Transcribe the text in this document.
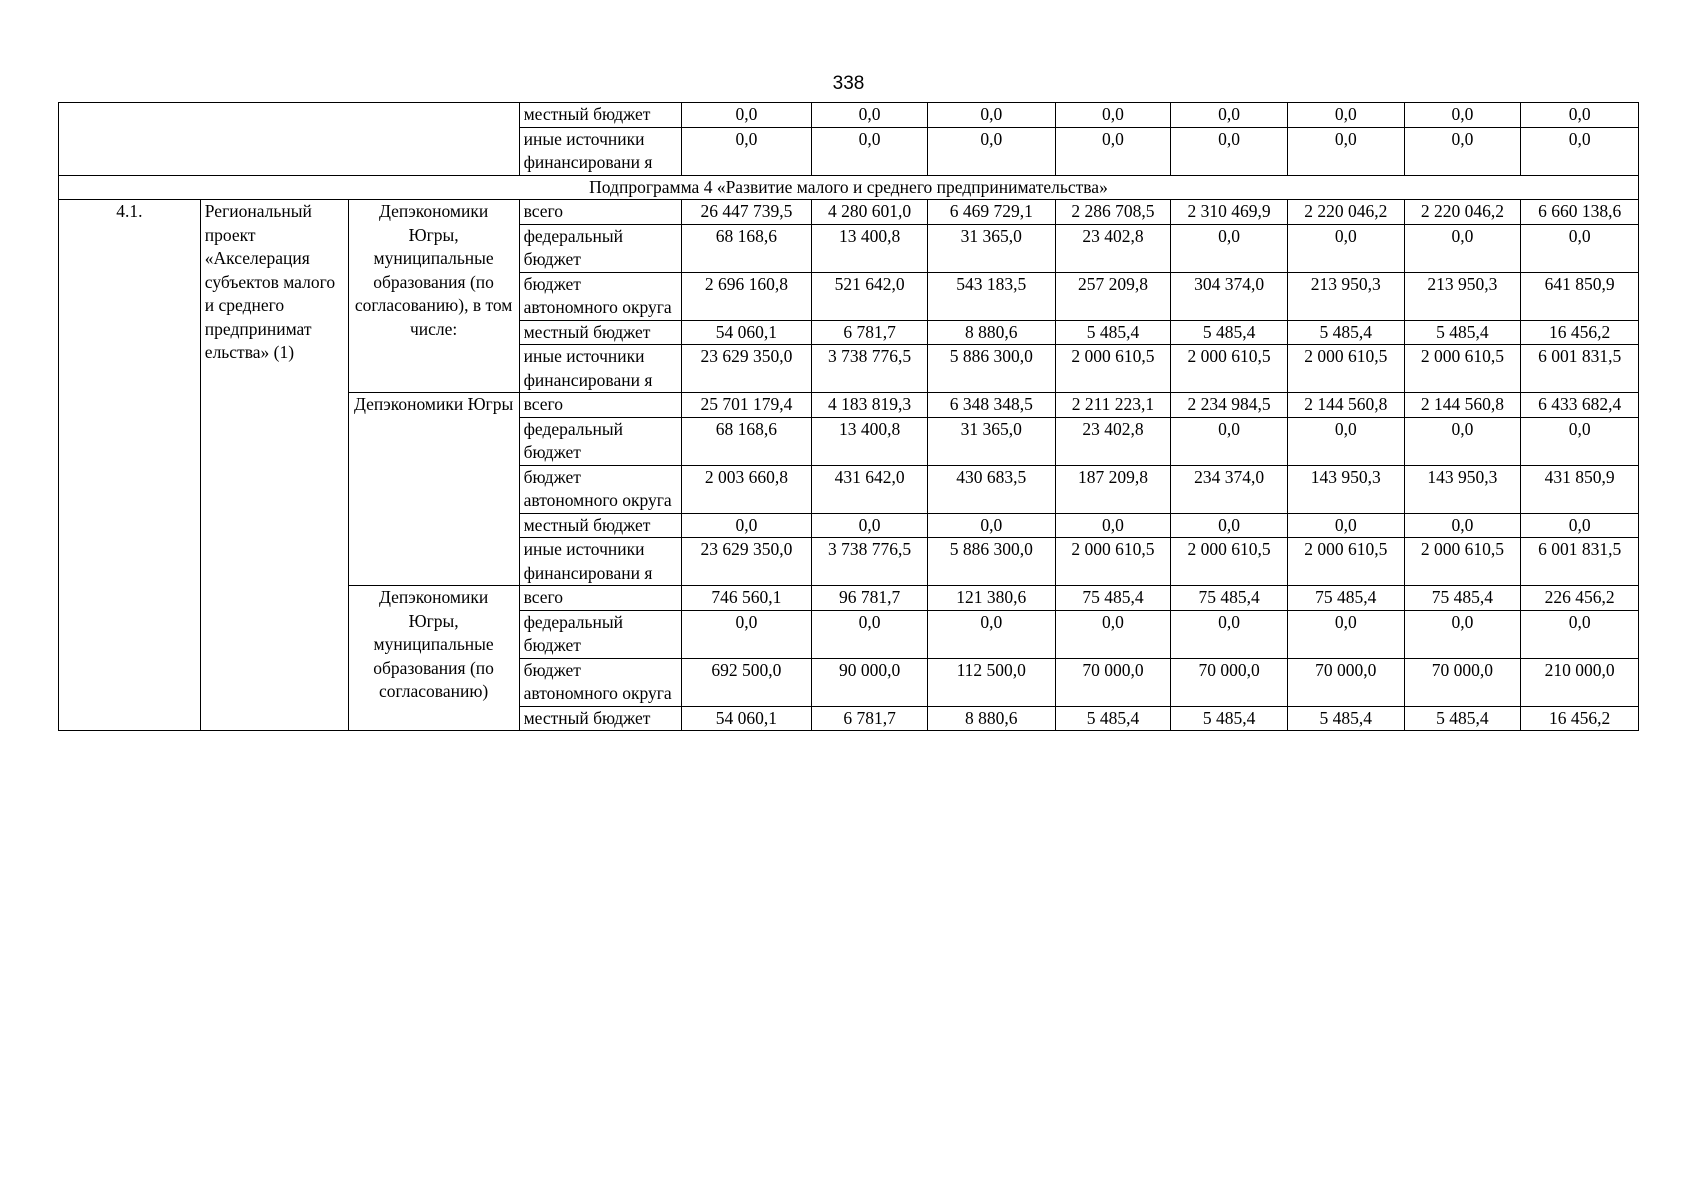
338
			местный бюджет	0,0	0,0	0,0	0,0	0,0	0,0	0,0	0,0
			иные источники финансировани я	0,0	0,0	0,0	0,0	0,0	0,0	0,0	0,0
Подпрограмма 4 «Развитие малого и среднего предпринимательства»											
4.1.	Региональный проект «Акселерация субъектов малого и среднего предпринимат ельства» (1)	Депэкономики Югры, муниципальные образования (по согласованию), в том числе:	всего	26 447 739,5	4 280 601,0	6 469 729,1	2 286 708,5	2 310 469,9	2 220 046,2	2 220 046,2	6 660 138,6
			федеральный бюджет	68 168,6	13 400,8	31 365,0	23 402,8	0,0	0,0	0,0	0,0
			бюджет автономного округа	2 696 160,8	521 642,0	543 183,5	257 209,8	304 374,0	213 950,3	213 950,3	641 850,9
			местный бюджет	54 060,1	6 781,7	8 880,6	5 485,4	5 485,4	5 485,4	5 485,4	16 456,2
			иные источники финансировани я	23 629 350,0	3 738 776,5	5 886 300,0	2 000 610,5	2 000 610,5	2 000 610,5	2 000 610,5	6 001 831,5
		Депэкономики Югры	всего	25 701 179,4	4 183 819,3	6 348 348,5	2 211 223,1	2 234 984,5	2 144 560,8	2 144 560,8	6 433 682,4
			федеральный бюджет	68 168,6	13 400,8	31 365,0	23 402,8	0,0	0,0	0,0	0,0
			бюджет автономного округа	2 003 660,8	431 642,0	430 683,5	187 209,8	234 374,0	143 950,3	143 950,3	431 850,9
			местный бюджет	0,0	0,0	0,0	0,0	0,0	0,0	0,0	0,0
			иные источники финансировани я	23 629 350,0	3 738 776,5	5 886 300,0	2 000 610,5	2 000 610,5	2 000 610,5	2 000 610,5	6 001 831,5
		Депэкономики Югры, муниципальные образования (по согласованию)	всего	746 560,1	96 781,7	121 380,6	75 485,4	75 485,4	75 485,4	75 485,4	226 456,2
			федеральный бюджет	0,0	0,0	0,0	0,0	0,0	0,0	0,0	0,0
			бюджет автономного округа	692 500,0	90 000,0	112 500,0	70 000,0	70 000,0	70 000,0	70 000,0	210 000,0
			местный бюджет	54 060,1	6 781,7	8 880,6	5 485,4	5 485,4	5 485,4	5 485,4	16 456,2
